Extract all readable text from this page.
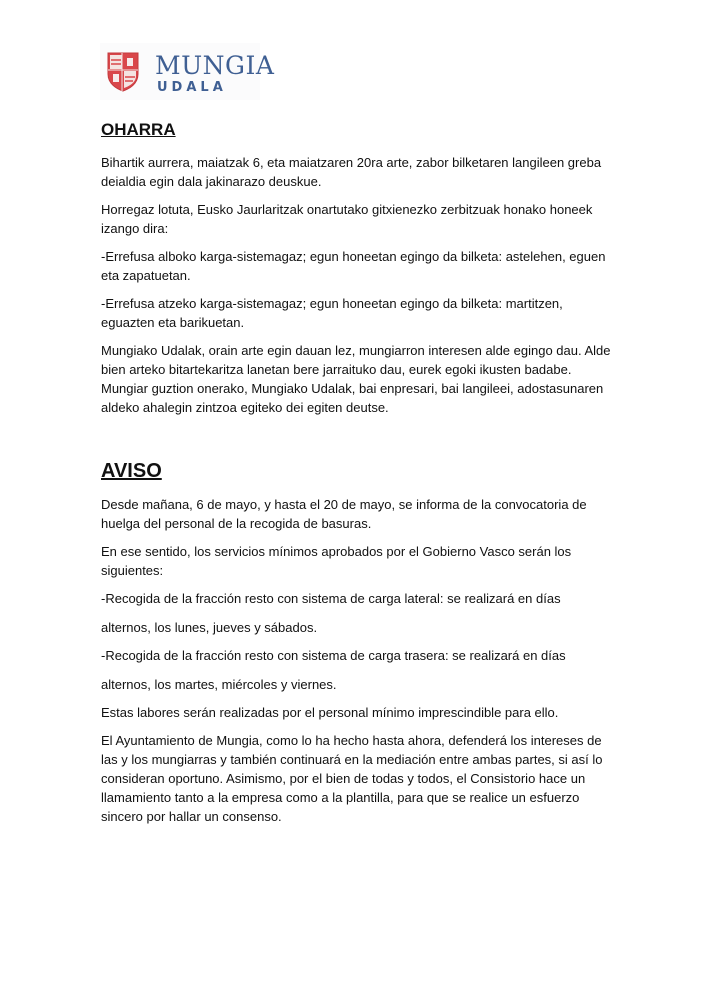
MUNGIA
UDALA
OHARRA

Bihartik aurrera, maiatzak 6, eta maiatzaren 20ra arte, zabor bilketaren langileen greba deialdia egin dala jakinarazo deuskue.

Horregaz lotuta, Eusko Jaurlaritzak onartutako gitxienezko zerbitzuak honako honeek izango dira:

-Errefusa alboko karga-sistemagaz; egun honeetan egingo da bilketa: astelehen, eguen eta zapatuetan.

-Errefusa atzeko karga-sistemagaz; egun honeetan egingo da bilketa: martitzen, eguazten eta barikuetan.

Mungiako Udalak, orain arte egin dauan lez, mungiarron interesen alde egingo dau. Alde bien arteko bitartekaritza lanetan bere jarraituko dau, eurek egoki ikusten badabe. Mungiar guztion onerako, Mungiako Udalak, bai enpresari, bai langileei, adostasunaren aldeko ahalegin zintzoa egiteko dei egiten deutse.

AVISO

Desde mañana, 6 de mayo, y hasta el 20 de mayo, se informa de la convocatoria de huelga del personal de la recogida de basuras.

En ese sentido, los servicios mínimos aprobados por el Gobierno Vasco serán los siguientes:

-Recogida de la fracción resto con sistema de carga lateral: se realizará en días

alternos, los lunes, jueves y sábados.

-Recogida de la fracción resto con sistema de carga trasera: se realizará en días

alternos, los martes, miércoles y viernes.

Estas labores serán realizadas por el personal mínimo imprescindible para ello.

El Ayuntamiento de Mungia, como lo ha hecho hasta ahora, defenderá los intereses de las y los mungiarras y también continuará en la mediación entre ambas partes, si así lo consideran oportuno. Asimismo, por el bien de todas y todos, el Consistorio hace un llamamiento tanto a la empresa como a la plantilla, para que se realice un esfuerzo sincero por hallar un consenso.
